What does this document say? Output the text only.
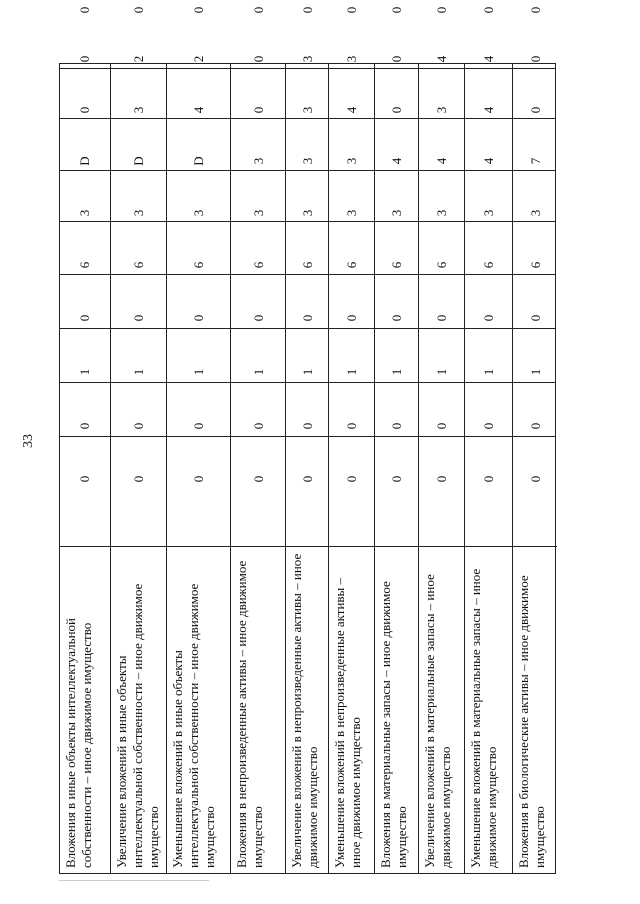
33
Вложения в иные объекты интеллектуальной собственности – иное движимое имущество
0
0
1
0
6
3
D
0
0
0
Увеличение вложений в иные объекты интеллектуальной собственности – иное движимое имущество
0
0
1
0
6
3
D
3
2
0
Уменьшение вложений в иные объекты интеллектуальной собственности – иное движимое имущество
0
0
1
0
6
3
D
4
2
0
Вложения в непроизведенные активы – иное движимое имущество
0
0
1
0
6
3
3
0
0
0
Увеличение вложений в непроизведенные активы – иное движимое имущество
0
0
1
0
6
3
3
3
3
0
Уменьшение вложений в непроизведенные активы – иное движимое имущество
0
0
1
0
6
3
3
4
3
0
Вложения в материальные запасы – иное движимое имущество
0
0
1
0
6
3
4
0
0
0
Увеличение вложений в материальные запасы – иное движимое имущество
0
0
1
0
6
3
4
3
4
0
Уменьшение вложений в материальные запасы – иное движимое имущество
0
0
1
0
6
3
4
4
4
0
Вложения в биологические активы – иное движимое имущество
0
0
1
0
6
3
7
0
0
0
